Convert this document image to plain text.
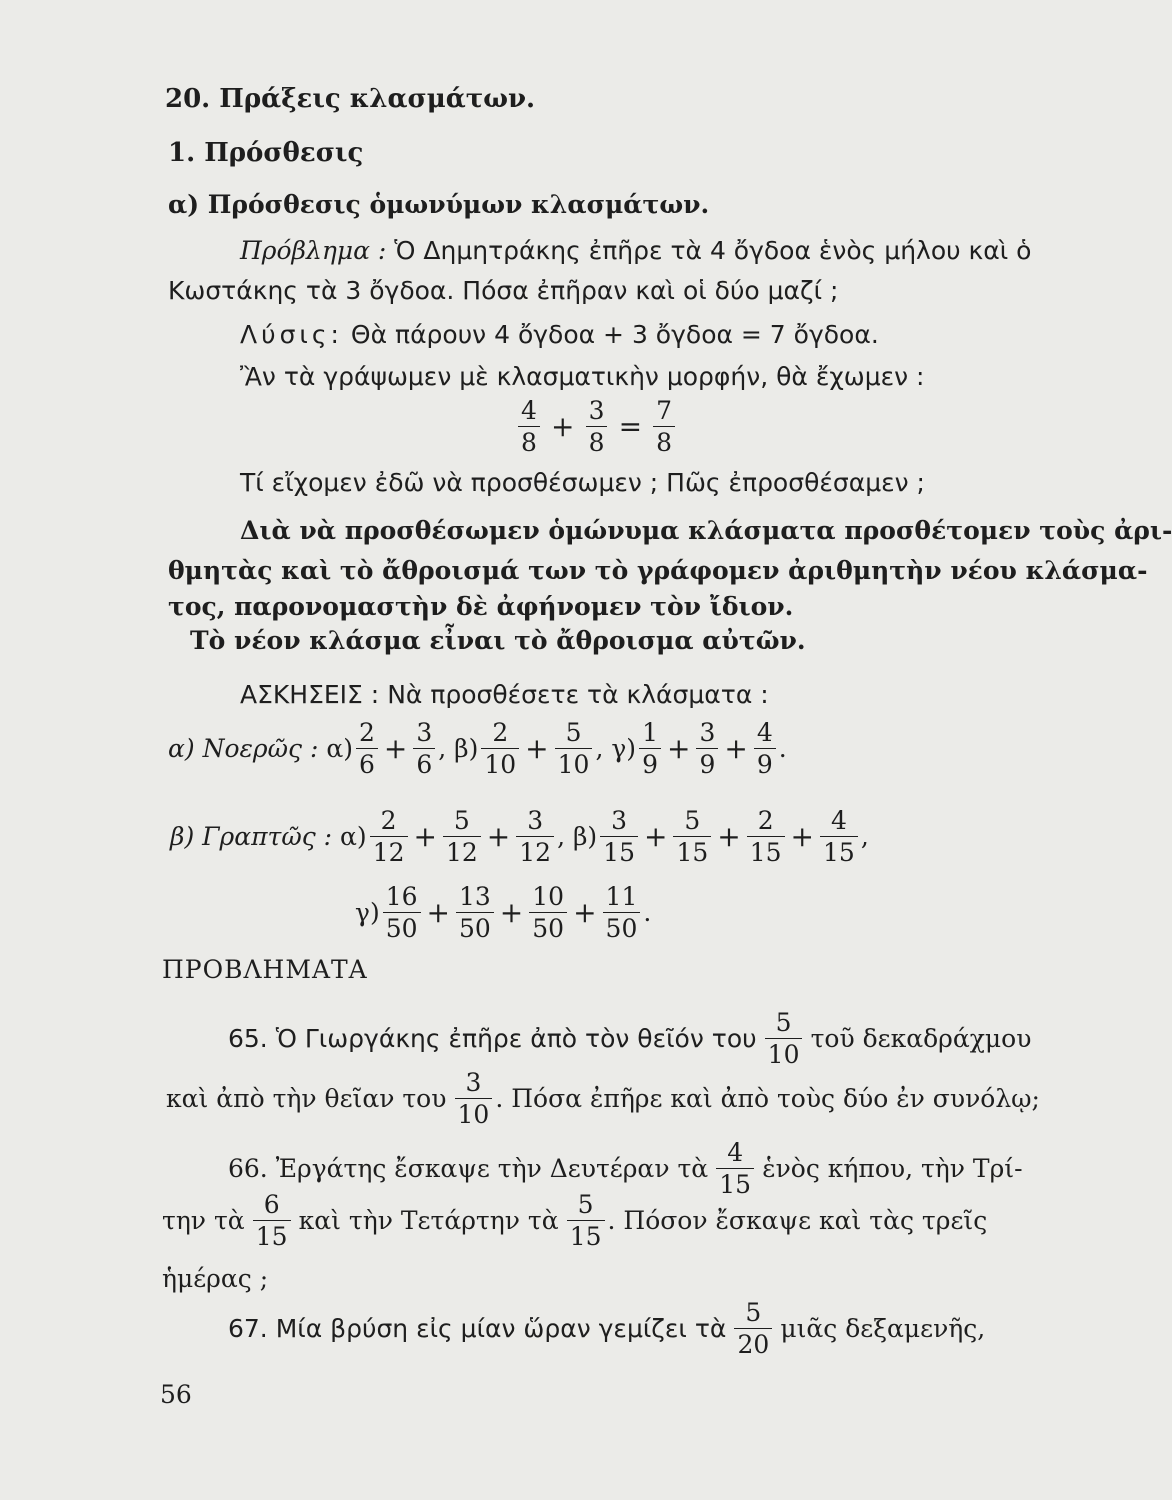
20. Πράξεις κλασμάτων.
1. Πρόσθεσις
α) Πρόσθεσις ὁμωνύμων κλασμάτων.
Πρόβλημα : Ὁ Δημητράκης ἐπῆρε τὰ 4 ὄγδοα ἑνὸς μήλου καὶ ὁ
Κωστάκης τὰ 3 ὄγδοα. Πόσα ἐπῆραν καὶ οἱ δύο μαζί ;
Λύσις: Θὰ πάρουν 4 ὄγδοα + 3 ὄγδοα = 7 ὄγδοα.
Ἂν τὰ γράψωμεν μὲ κλασματικὴν μορφήν, θὰ ἔχωμεν :
$\frac{4}{8} + \frac{3}{8} = \frac{7}{8}$
Τί εἴχομεν ἐδῶ νὰ προσθέσωμεν ; Πῶς ἐπροσθέσαμεν ;
Διὰ νὰ προσθέσωμεν ὁμώνυμα κλάσματα προσθέτομεν τοὺς ἀρι-
θμητὰς καὶ τὸ ἄθροισμά των τὸ γράφομεν ἀριθμητὴν νέου κλάσμα-
τος, παρονομαστὴν δὲ ἀφήνομεν τὸν ἴδιον.
Τὸ νέον κλάσμα εἶναι τὸ ἄθροισμα αὐτῶν.
ΑΣΚΗΣΕΙΣ : Νὰ προσθέσετε τὰ κλάσματα :
α) Νοερῶς : $\alpha) \frac{2}{6} + \frac{3}{6}$ , $\beta) \frac{2}{10} + \frac{5}{10}$ , $\gamma) \frac{1}{9} + \frac{3}{9} + \frac{4}{9}$ .
β) Γραπτῶς : $\alpha) \frac{2}{12} + \frac{5}{12} + \frac{3}{12}$ , $\beta) \frac{3}{15} + \frac{5}{15} + \frac{2}{15} + \frac{4}{15}$ ,
$\gamma) \frac{16}{50} + \frac{13}{50} + \frac{10}{50} + \frac{11}{50}$ .
ΠΡΟΒΛΗΜΑΤΑ
65. Ὁ Γιωργάκης ἐπῆρε ἀπὸ τὸν θεῖόν του $\frac{5}{10}$ τοῦ δεκαδράχμου
καὶ ἀπὸ τὴν θεῖαν του $\frac{3}{10}$ . Πόσα ἐπῆρε καὶ ἀπὸ τοὺς δύο ἐν συνόλῳ;
66. Ἐργάτης ἔσκαψε τὴν Δευτέραν τὰ $\frac{4}{15}$ ἑνὸς κήπου, τὴν Τρί-
την τὰ $\frac{6}{15}$ καὶ τὴν Τετάρτην τὰ $\frac{5}{15}$ . Πόσον ἔσκαψε καὶ τὰς τρεῖς
ἡμέρας ;
67. Μία βρύση εἰς μίαν ὥραν γεμίζει τὰ $\frac{5}{20}$ μιᾶς δεξαμενῆς,
56
